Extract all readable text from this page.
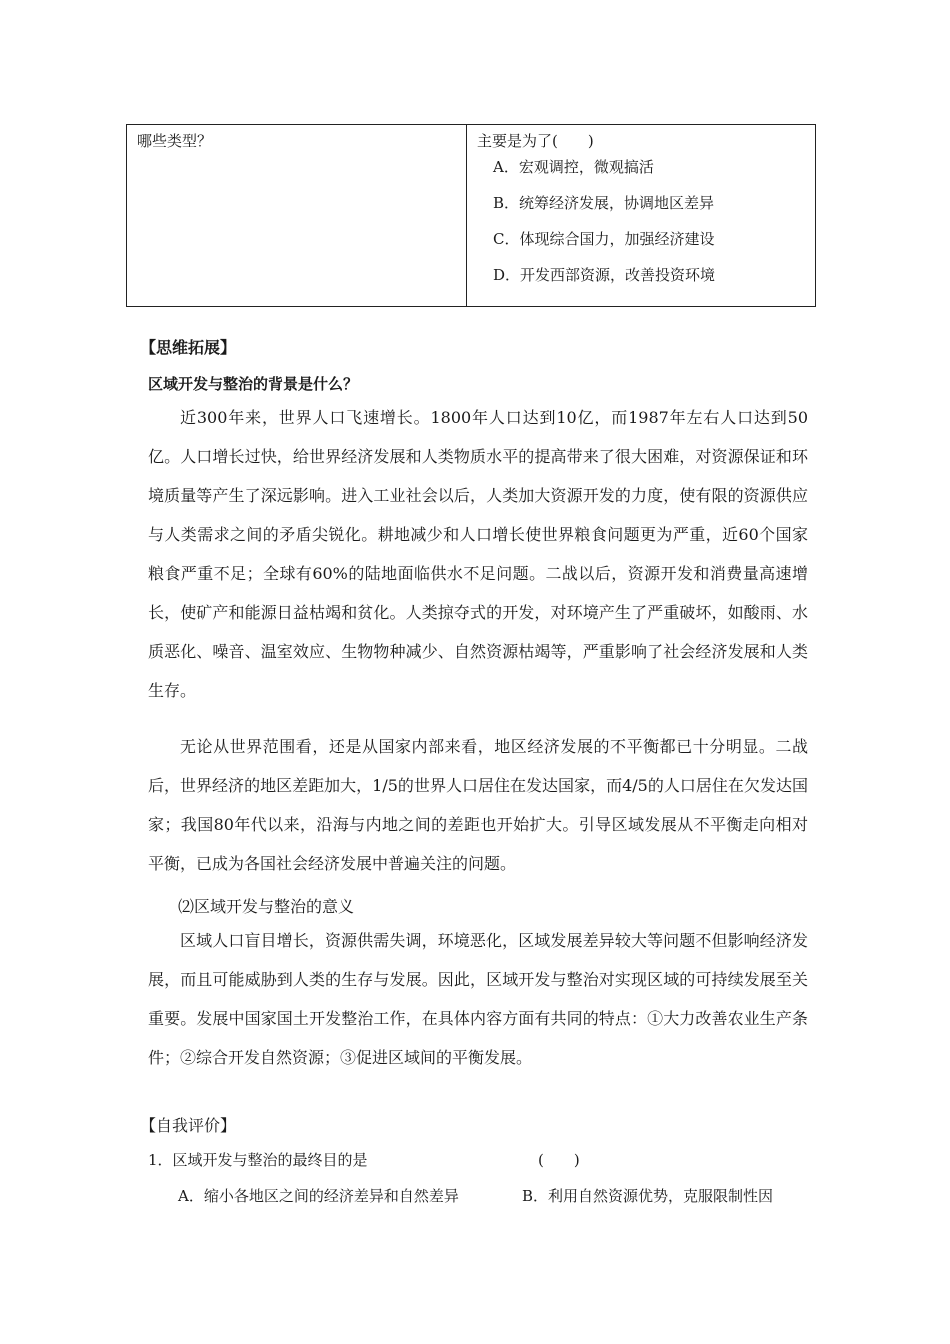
哪些类型？	主要是为了(　　)
A．宏观调控，微观搞活
B．统筹经济发展，协调地区差异
C．体现综合国力，加强经济建设
D．开发西部资源，改善投资环境
【思维拓展】
区域开发与整治的背景是什么？

近300年来，世界人口飞速增长。1800年人口达到10亿，而1987年左右人口达到50亿。人口增长过快，给世界经济发展和人类物质水平的提高带来了很大困难，对资源保证和环境质量等产生了深远影响。进入工业社会以后，人类加大资源开发的力度，使有限的资源供应与人类需求之间的矛盾尖锐化。耕地减少和人口增长使世界粮食问题更为严重，近60个国家粮食严重不足；全球有60%的陆地面临供水不足问题。二战以后，资源开发和消费量高速增长，使矿产和能源日益枯竭和贫化。人类掠夺式的开发，对环境产生了严重破坏，如酸雨、水质恶化、噪音、温室效应、生物物种减少、自然资源枯竭等，严重影响了社会经济发展和人类生存。

无论从世界范围看，还是从国家内部来看，地区经济发展的不平衡都已十分明显。二战后，世界经济的地区差距加大，1/5的世界人口居住在发达国家，而4/5的人口居住在欠发达国家；我国80年代以来，沿海与内地之间的差距也开始扩大。引导区域发展从不平衡走向相对平衡，已成为各国社会经济发展中普遍关注的问题。

⑵区域开发与整治的意义

区域人口盲目增长，资源供需失调，环境恶化，区域发展差异较大等问题不但影响经济发展，而且可能威胁到人类的生存与发展。因此，区域开发与整治对实现区域的可持续发展至关重要。发展中国家国土开发整治工作，在具体内容方面有共同的特点：①大力改善农业生产条件；②综合开发自然资源；③促进区域间的平衡发展。

【自我评价】
1．区域开发与整治的最终目的是	(　　)
A．缩小各地区之间的经济差异和自然差异	B．利用自然资源优势，克服限制性因
